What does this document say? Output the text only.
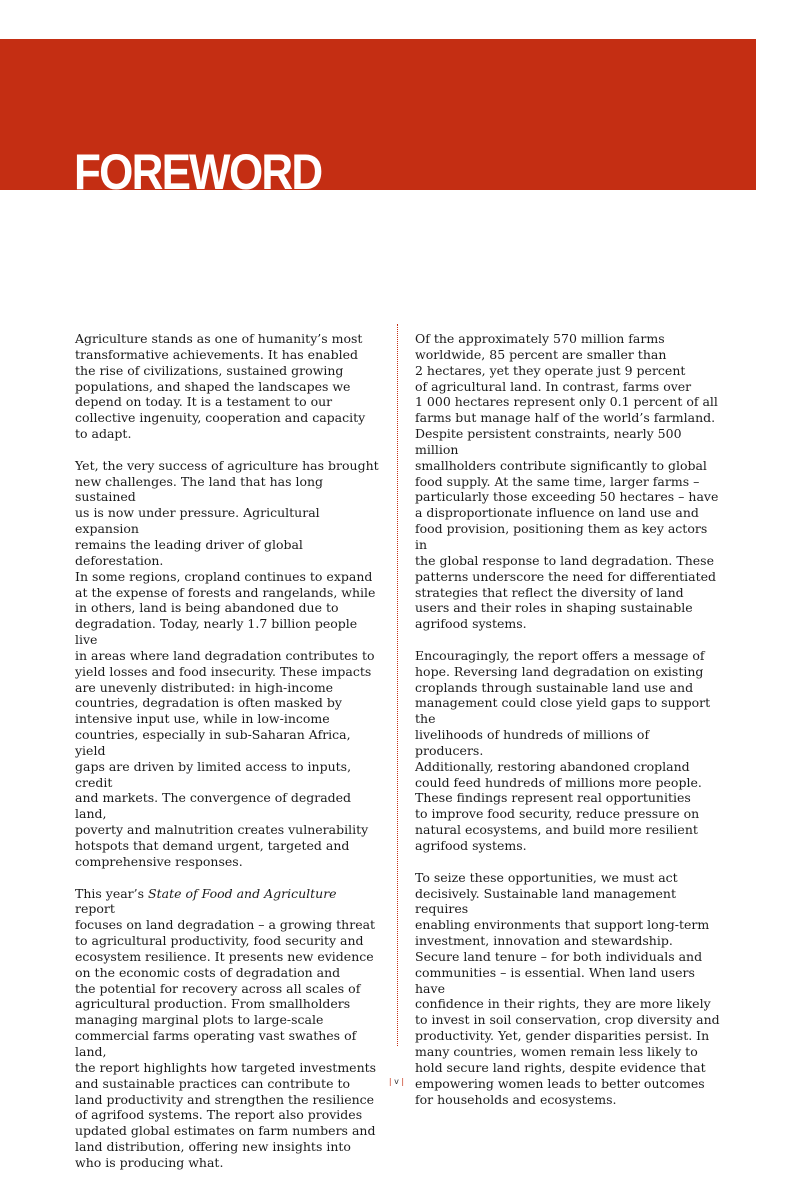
FOREWORD

Agriculture stands as one of humanity’s most
transformative achievements. It has enabled
the rise of civilizations, sustained growing
populations, and shaped the landscapes we
depend on today. It is a testament to our
collective ingenuity, cooperation and capacity
to adapt.

Yet, the very success of agriculture has brought
new challenges. The land that has long sustained
us is now under pressure. Agricultural expansion
remains the leading driver of global deforestation.
In some regions, cropland continues to expand
at the expense of forests and rangelands, while
in others, land is being abandoned due to
degradation. Today, nearly 1.7 billion people live
in areas where land degradation contributes to
yield losses and food insecurity. These impacts
are unevenly distributed: in high-income
countries, degradation is often masked by
intensive input use, while in low-income
countries, especially in sub-Saharan Africa, yield
gaps are driven by limited access to inputs, credit
and markets. The convergence of degraded land,
poverty and malnutrition creates vulnerability
hotspots that demand urgent, targeted and
comprehensive responses.

This year’s State of Food and Agriculture report
focuses on land degradation – a growing threat
to agricultural productivity, food security and
ecosystem resilience. It presents new evidence
on the economic costs of degradation and
the potential for recovery across all scales of
agricultural production. From smallholders
managing marginal plots to large-scale
commercial farms operating vast swathes of land,
the report highlights how targeted investments
and sustainable practices can contribute to
land productivity and strengthen the resilience
of agrifood systems. The report also provides
updated global estimates on farm numbers and
land distribution, offering new insights into
who is producing what.

Of the approximately 570 million farms
worldwide, 85 percent are smaller than
2 hectares, yet they operate just 9 percent
of agricultural land. In contrast, farms over
1 000 hectares represent only 0.1 percent of all
farms but manage half of the world’s farmland.
Despite persistent constraints, nearly 500 million
smallholders contribute significantly to global
food supply. At the same time, larger farms –
particularly those exceeding 50 hectares – have
a disproportionate influence on land use and
food provision, positioning them as key actors in
the global response to land degradation. These
patterns underscore the need for differentiated
strategies that reflect the diversity of land
users and their roles in shaping sustainable
agrifood systems.

Encouragingly, the report offers a message of
hope. Reversing land degradation on existing
croplands through sustainable land use and
management could close yield gaps to support the
livelihoods of hundreds of millions of producers.
Additionally, restoring abandoned cropland
could feed hundreds of millions more people.
These findings represent real opportunities
to improve food security, reduce pressure on
natural ecosystems, and build more resilient
agrifood systems.

To seize these opportunities, we must act
decisively. Sustainable land management requires
enabling environments that support long-term
investment, innovation and stewardship.
Secure land tenure – for both individuals and
communities – is essential. When land users have
confidence in their rights, they are more likely
to invest in soil conservation, crop diversity and
productivity. Yet, gender disparities persist. In
many countries, women remain less likely to
hold secure land rights, despite evidence that
empowering women leads to better outcomes
for households and ecosystems.

| v |
